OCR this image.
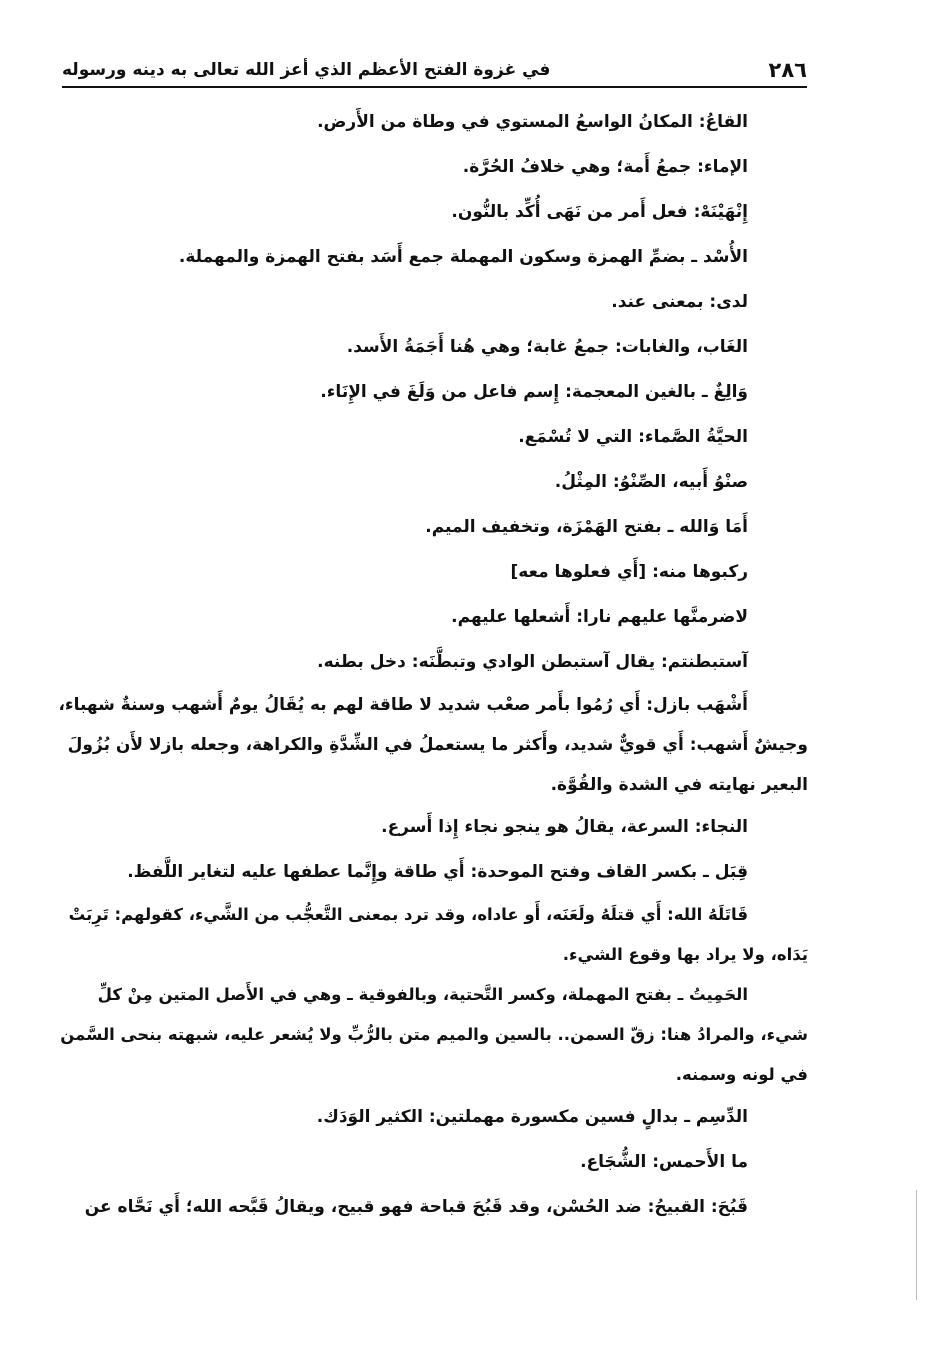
٢٨٦
في غزوة الفتح الأعظم الذي أعز الله تعالى به دينه ورسوله

القاعُ: المكانُ الواسعُ المستوي في وطاة من الأَرض.

الإماء: جمعُ أَمة؛ وهي خلافُ الحُرَّة.

إِنْهَيْنَهْ: فعل أَمر من نَهَى أُكِّد بالنُّون.

الأُسْد ـ بضمِّ الهمزة وسكون المهملة جمع أَسَد بفتح الهمزة والمهملة.

لدى: بمعنى عند.

الغَاب، والغابات: جمعُ غابة؛ وهي هُنا أَجَمَةُ الأَسد.

وَالِغٌ ـ بالغين المعجمة: إِسم فاعل من وَلَغَ في الإِنَاء.

الحيَّةُ الصَّماء: التي لا تُسْمَع.

صنْوُ أَبيه، الصِّنْوُ: المِثْلُ.

أَمَا وَالله ـ بفتح الهَمْزَة، وتخفيف الميم.

ركبوها منه: [أَي فعلوها معه]

لاضرمنَّها عليهم نارا: أَشعلها عليهم.

آستبطنتم: يقال آستبطن الوادي وتبطَّنَه: دخل بطنه.

أَشْهَب بازل: أَي رُمُوا بأَمر صعْب شديد لا طاقة لهم به يُقَالُ يومٌ أَشهب وسنةٌ شهباء،
وجيشٌ أَشهب: أَي قويٌّ شديد، وأَكثر ما يستعملُ في الشِّدَّةِ والكراهة، وجعله بازلا لأَن بُزُولَ
البعير نهايته في الشدة والقُوَّة.

النجاء: السرعة، يقالُ هو ينجو نجاء إِذا أَسرع.

قِبَل ـ بكسر القاف وفتح الموحدة: أَي طاقة وإِنَّما عطفها عليه لتغاير اللَّفظ.

قَاتَلَهُ الله: أَي قتلَهُ ولَعَنَه، أَو عاداه، وقد ترد بمعنى التَّعجُّب من الشَّيء، كقولهم: تَرِبَتْ
يَدَاه، ولا يراد بها وقوع الشيء.
الحَمِيتُ ـ بفتح المهملة، وكسر التَّحتية، وبالفوقية ـ وهي في الأَصل المتين مِنْ كلِّ
شيء، والمرادُ هنا: زقّ السمن.. بالسين والميم متن بالرُّبِّ ولا يُشعر عليه، شبهته بنحى السَّمن
في لونه وسمنه.

الدِّسِم ـ بدالٍ فسين مكسورة مهملتين: الكثير الوَدَك.

ما الأَحمس: الشُّجَاع.

قَبُحَ: القبيحُ: ضد الحُسْن، وقد قَبُحَ قباحة فهو قبيح، ويقالُ قَبَّحه الله؛ أَي نَحَّاه عن
